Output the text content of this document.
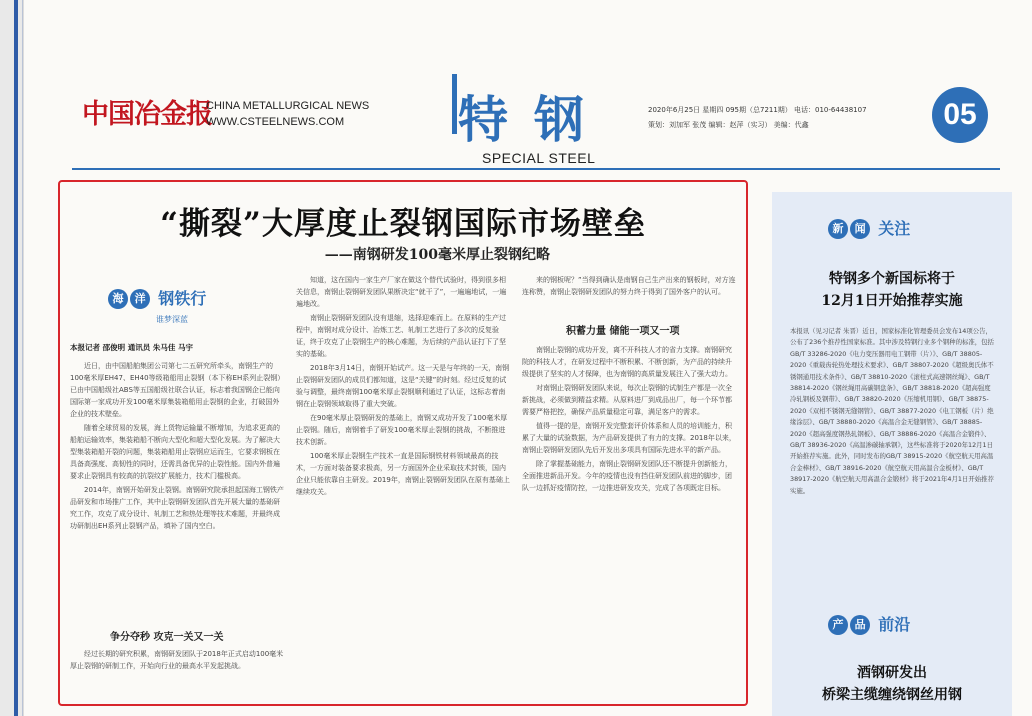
中国冶金报
CHINA METALLURGICAL NEWS
WWW.CSTEELNEWS.COM	特钢
SPECIAL STEEL
2020年6月25日 星期四 095期（总7211期） 电话：010-64438107
策划：刘加军 张茂 编辑：赵萍（实习） 美编：代鑫	05
“撕裂”大厚度止裂钢国际市场壁垒
——南钢研发100毫米厚止裂钢纪略
海 洋 钢铁行
谁梦深蓝
本报记者 邵俊明 通讯员 朱马佳 马宇

近日，由中国船舶集团公司第七二五研究所牵头，南钢生产的100毫米厚EH47、EH40等级箱船用止裂钢（本下称EH系列止裂钢）已由中国船级社ABS等五国船级社联合认证，标志着我国钢企已能向国际第一家成功开发100毫米厚集装箱船用止裂钢的企业，打破国外企业的技术壁垒。

随着全球贸易的发展，海上货物运输量不断增加，为追求更高的船舶运输效率，集装箱船不断向大型化和超大型化发展。为了解决大型集装箱船开裂的问题，集装箱船用止裂钢应运而生，它要求钢板在具备高强度、高韧性的同时，还需具备优异的止裂性能。国内外普遍要求止裂钢具有较高的抗裂纹扩展能力，技术门槛极高。

2014年，南钢开始研发止裂钢。南钢研究院承担起国海工钢铁产品研发和市场推广工作，其中止裂钢研发团队首先开展大量的基础研究工作，攻克了成分设计、轧制工艺和热处理等技术难题，并最终成功研制出EH系列止裂钢产品，填补了国内空白。

争分夺秒 攻克一关又一关

经过长期的研究积累，南钢研发团队于2018年正式启动100毫米厚止裂钢的研制工作，开始向行业的最高水平发起挑战。

知道，这在国内一家生产厂家在做这个替代试验时，得到很多相关信息，南钢止裂钢研发团队果断决定“就干了”，一遍遍地试，一遍遍地改。

南钢止裂钢研发团队没有退缩，选择迎难而上。在原料的生产过程中，南钢对成分设计、冶炼工艺、轧制工艺进行了多次的反复验证，终于攻克了止裂钢生产的核心难题，为后续的产品认证打下了坚实的基础。

2018年3月14日，南钢开始试产。这一天是与年终的一天，南钢止裂钢研发团队的成员们都知道，这是“关键”的时刻。经过反复的试验与调整，最终南钢100毫米厚止裂钢顺利通过了认证，这标志着南钢在止裂钢领域取得了重大突破。

在90毫米厚止裂钢研发的基础上，南钢又成功开发了100毫米厚止裂钢。随后，南钢着手了研发100毫米厚止裂钢的挑战，不断推进技术创新。

100毫米厚止裂钢生产技术一直是国际钢铁材料领域最高的技术，一方面对装备要求极高，另一方面国外企业采取技术封锁，国内企业只能依靠自主研发。2019年，南钢止裂钢研发团队在原有基础上继续攻关。

来的钢板呢？”当得到确认是南钢自己生产出来的钢板时，对方连连称赞，南钢止裂钢研发团队的努力终于得到了国外客户的认可。

积蓄力量 储能一项又一项

南钢止裂钢的成功开发，离不开科技人才的省力支撑。南钢研究院的科技人才，在研发过程中不断积累、不断创新，为产品的持续升级提供了坚实的人才保障，也为南钢的高质量发展注入了强大动力。

对南钢止裂钢研发团队来说，每次止裂钢的试制生产都是一次全新挑战，必须做到精益求精。从原料进厂到成品出厂，每一个环节都需要严格把控，确保产品质量稳定可靠，满足客户的需求。

值得一提的是，南钢开发完整套评价体系和人员的培训能力，积累了大量的试验数据，为产品研发提供了有力的支撑。2018年以来，南钢止裂钢研发团队先后开发出多项具有国际先进水平的新产品。

除了掌握基础能力，南钢止裂钢研发团队还不断提升创新能力，全面推进新品开发。今年的疫情也没有挡住研发团队前进的脚步，团队一边抓好疫情防控，一边推进研发攻关，完成了各项既定目标。

新 闻 关注
特钢多个新国标将于
12月1日开始推荐实施
本报讯（见习记者 朱晋）近日，国家标准化管理委员会发布14项公告，公布了236个推荐性国家标准。其中涉及特钢行业多个钢种的标准，包括GB/T 33286-2020《电力变压器用电工钢带（片）》、GB/T 38805-2020《重载齿轮热处理技术要求》、GB/T 38807-2020《超级奥氏体不锈钢通用技术条件》、GB/T 38810-2020《滚柱式高速钢丝绳》、GB/T 38814-2020《钢丝绳用高碳钢盘条》、GB/T 38818-2020《超高强度冷轧钢板及钢带》、GB/T 38820-2020《压缩机用钢》、GB/T 38875-2020《双相不锈钢无缝钢管》、GB/T 38877-2020《电工钢板（片）绝缘涂层》、GB/T 38880-2020《高温合金无缝钢管》、GB/T 38885-2020《超高强度钢热轧钢板》、GB/T 38886-2020《高温合金锻件》、GB/T 38936-2020《高温渗碳轴承钢》，这些标准将于2020年12月1日开始推荐实施。此外，同时发布的GB/T 38915-2020《航空航天用高温合金棒材》、GB/T 38916-2020《航空航天用高温合金板材》、GB/T 38917-2020《航空航天用高温合金锻材》将于2021年4月1日开始推荐实施。
产 品 前沿
酒钢研发出
桥梁主缆缠绕钢丝用钢
